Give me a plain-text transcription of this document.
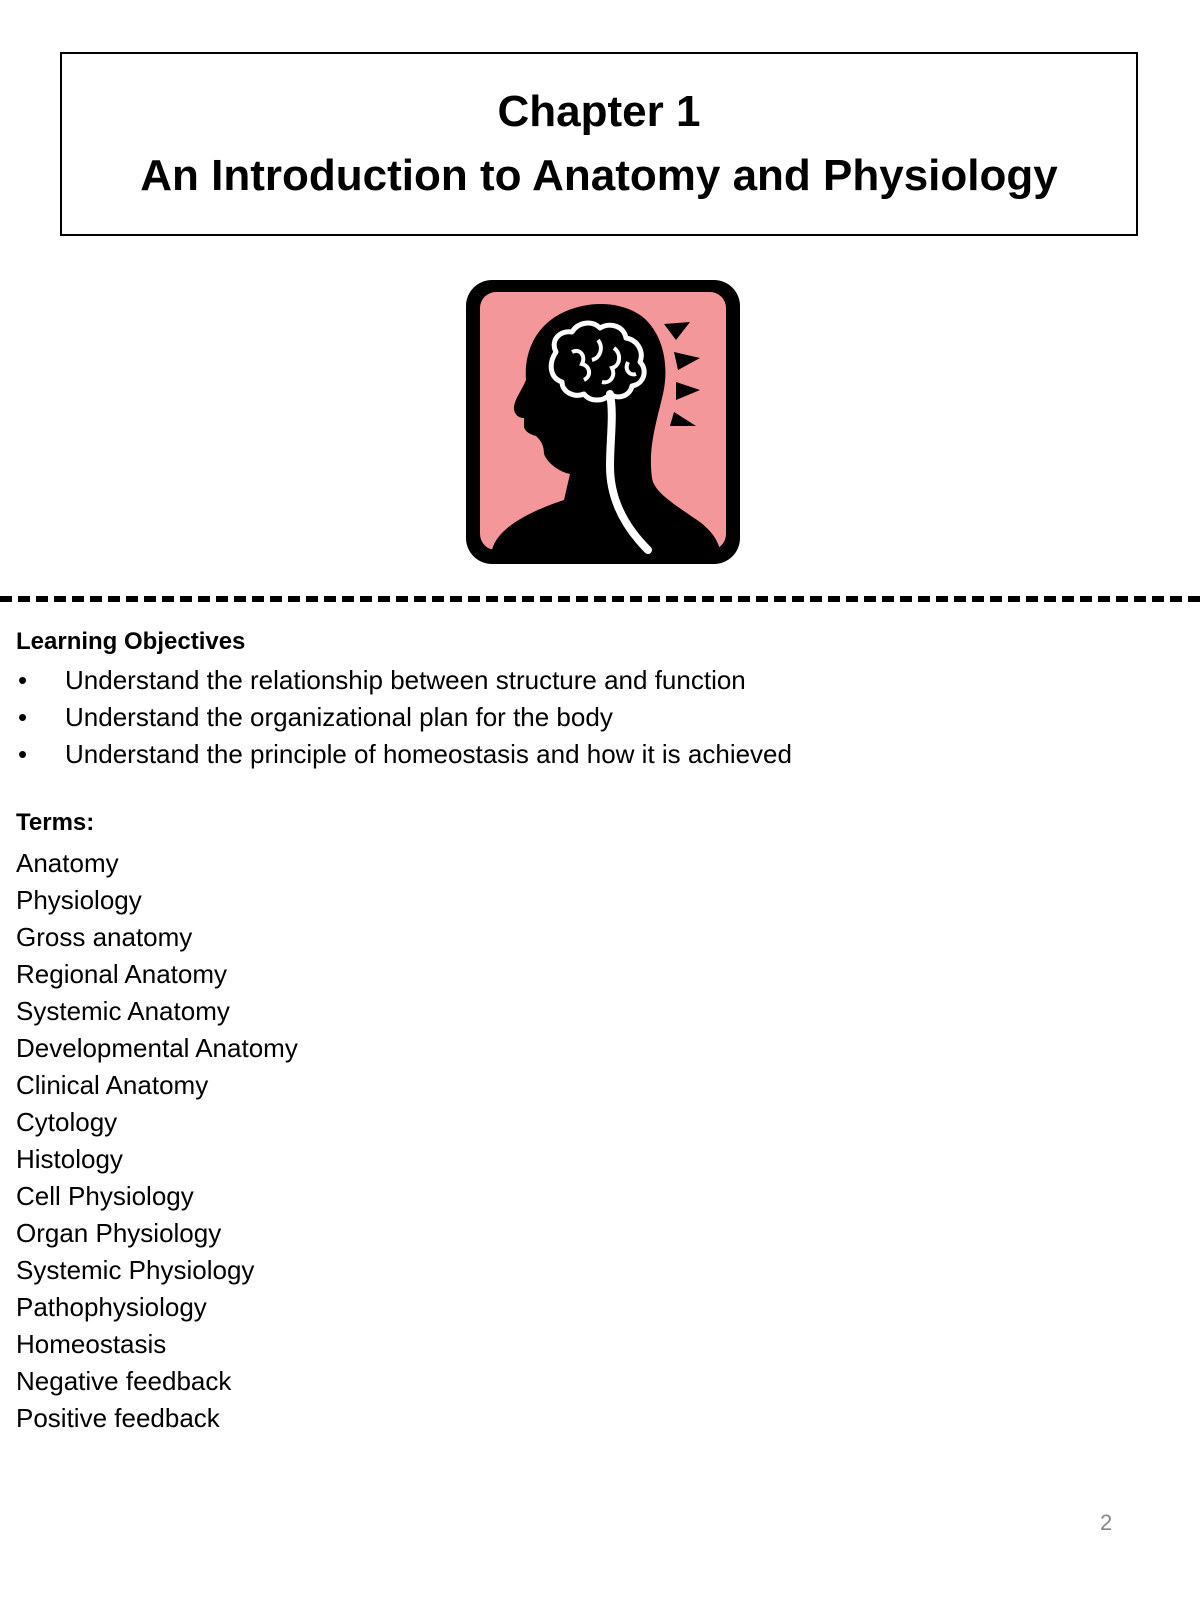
Chapter 1
An Introduction to Anatomy and Physiology
Learning Objectives
• Understand the relationship between structure and function
• Understand the organizational plan for the body
• Understand the principle of homeostasis and how it is achieved
Terms:
Anatomy
Physiology
Gross anatomy
Regional Anatomy
Systemic Anatomy
Developmental Anatomy
Clinical Anatomy
Cytology
Histology
Cell Physiology
Organ Physiology
Systemic Physiology
Pathophysiology
Homeostasis
Negative feedback
Positive feedback
2
